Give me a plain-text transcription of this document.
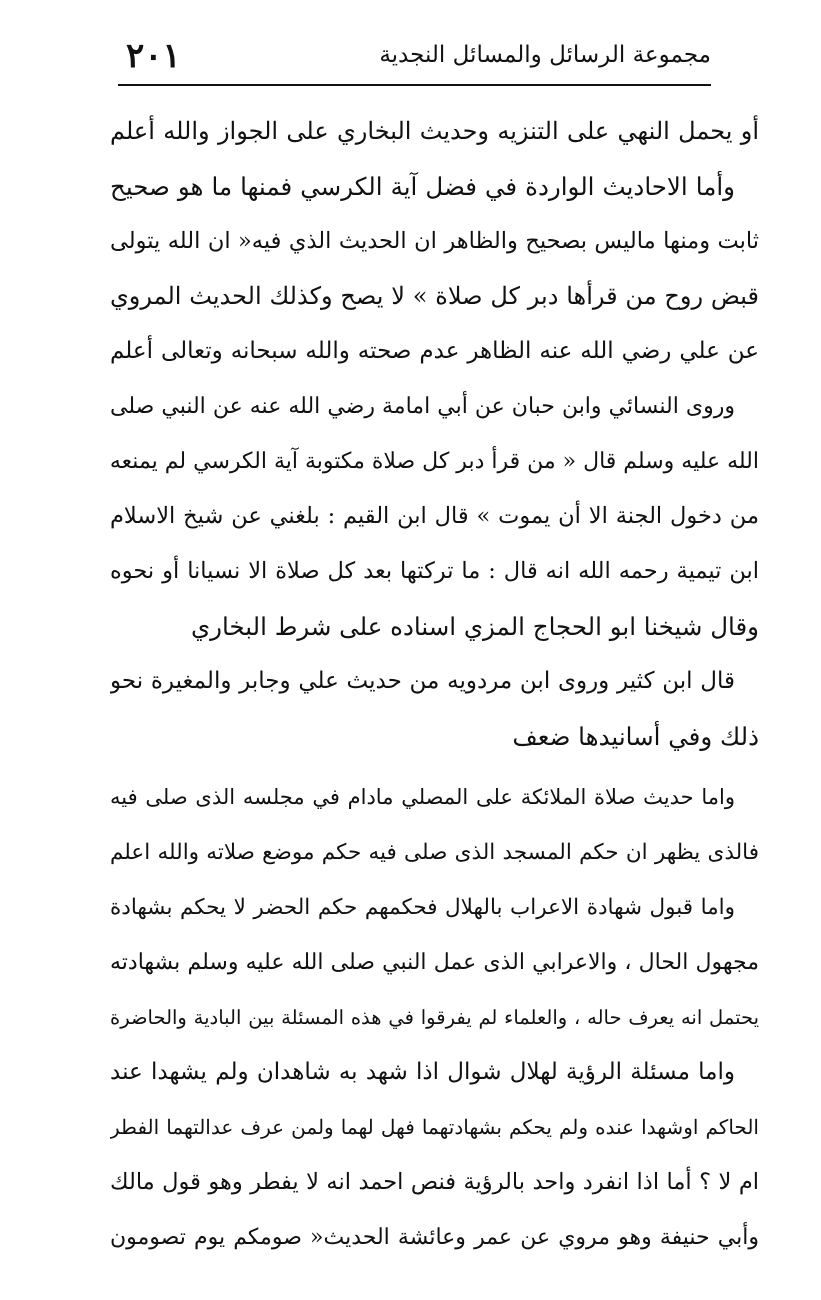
مجموعة الرسائل والمسائل النجدية
٢٠١
أو يحمل النهي على التنزيه وحديث البخاري على الجواز والله أعلم
وأما الاحاديث الواردة في فضل آية الكرسي فمنها ما هو صحيح
ثابت ومنها ماليس بصحيح والظاهر ان الحديث الذي فيه« ان الله يتولى
قبض روح من قرأها دبر كل صلاة » لا يصح وكذلك الحديث المروي
عن علي رضي الله عنه الظاهر عدم صحته والله سبحانه وتعالى أعلم
وروى النسائي وابن حبان عن أبي امامة رضي الله عنه عن النبي صلى
الله عليه وسلم قال « من قرأ دبر كل صلاة مكتوبة آية الكرسي لم يمنعه
من دخول الجنة الا أن يموت » قال ابن القيم : بلغني عن شيخ الاسلام
ابن تيمية رحمه الله انه قال : ما تركتها بعد كل صلاة الا نسيانا أو نحوه
وقال شيخنا ابو الحجاج المزي اسناده على شرط البخاري
قال ابن كثير وروى ابن مردويه من حديث علي وجابر والمغيرة نحو
ذلك وفي أسانيدها ضعف
واما حديث صلاة الملائكة على المصلي مادام في مجلسه الذى صلى فيه
فالذى يظهر ان حكم المسجد الذى صلى فيه حكم موضع صلاته والله اعلم
واما قبول شهادة الاعراب بالهلال فحكمهم حكم الحضر لا يحكم بشهادة
مجهول الحال ، والاعرابي الذى عمل النبي صلى الله عليه وسلم بشهادته
يحتمل انه يعرف حاله ، والعلماء لم يفرقوا في هذه المسئلة بين البادية والحاضرة
واما مسئلة الرؤية لهلال شوال اذا شهد به شاهدان ولم يشهدا عند
الحاكم اوشهدا عنده ولم يحكم بشهادتهما فهل لهما ولمن عرف عدالتهما الفطر
ام لا ؟ أما اذا انفرد واحد بالرؤية فنص احمد انه لا يفطر وهو قول مالك
وأبي حنيفة وهو مروي عن عمر وعائشة الحديث« صومكم يوم تصومون
